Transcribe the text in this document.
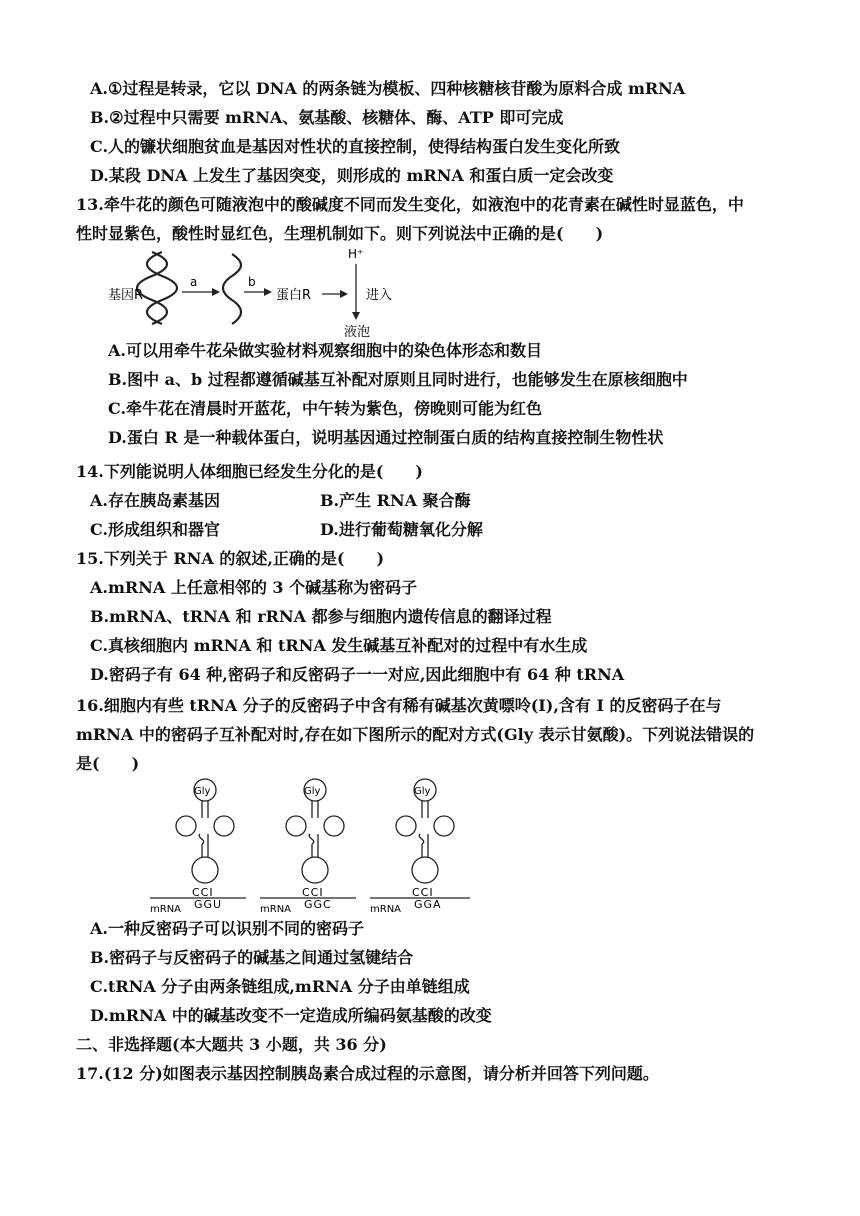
A.①过程是转录，它以 DNA 的两条链为模板、四种核糖核苷酸为原料合成 mRNA
B.②过程中只需要 mRNA、氨基酸、核糖体、酶、ATP 即可完成
C.人的镰状细胞贫血是基因对性状的直接控制，使得结构蛋白发生变化所致
D.某段 DNA 上发生了基因突变，则形成的 mRNA 和蛋白质一定会改变
13.牵牛花的颜色可随液泡中的酸碱度不同而发生变化，如液泡中的花青素在碱性时显蓝色，中
性时显紫色，酸性时显红色，生理机制如下。则下列说法中正确的是(　　)
基因R
a	b
蛋白R
H⁺
进入
液泡
A.可以用牵牛花朵做实验材料观察细胞中的染色体形态和数目
B.图中 a、b 过程都遵循碱基互补配对原则且同时进行，也能够发生在原核细胞中
C.牵牛花在清晨时开蓝花，中午转为紫色，傍晚则可能为红色
D.蛋白 R 是一种载体蛋白，说明基因通过控制蛋白质的结构直接控制生物性状
14.下列能说明人体细胞已经发生分化的是(　　)
A.存在胰岛素基因	B.产生 RNA 聚合酶
C.形成组织和器官	D.进行葡萄糖氧化分解
15.下列关于 RNA 的叙述,正确的是(　　)
A.mRNA 上任意相邻的 3 个碱基称为密码子
B.mRNA、tRNA 和 rRNA 都参与细胞内遗传信息的翻译过程
C.真核细胞内 mRNA 和 tRNA 发生碱基互补配对的过程中有水生成
D.密码子有 64 种,密码子和反密码子一一对应,因此细胞中有 64 种 tRNA
16.细胞内有些 tRNA 分子的反密码子中含有稀有碱基次黄嘌呤(I),含有 I 的反密码子在与
mRNA 中的密码子互补配对时,存在如下图所示的配对方式(Gly 表示甘氨酸)。下列说法错误的
是(　　)
Gly
CCI
GGU
mRNA
Gly
CCI
GGC
mRNA
Gly
CCI
GGA
mRNA
A.一种反密码子可以识别不同的密码子
B.密码子与反密码子的碱基之间通过氢键结合
C.tRNA 分子由两条链组成,mRNA 分子由单链组成
D.mRNA 中的碱基改变不一定造成所编码氨基酸的改变
二、非选择题(本大题共 3 小题，共 36 分)
17.(12 分)如图表示基因控制胰岛素合成过程的示意图，请分析并回答下列问题。
